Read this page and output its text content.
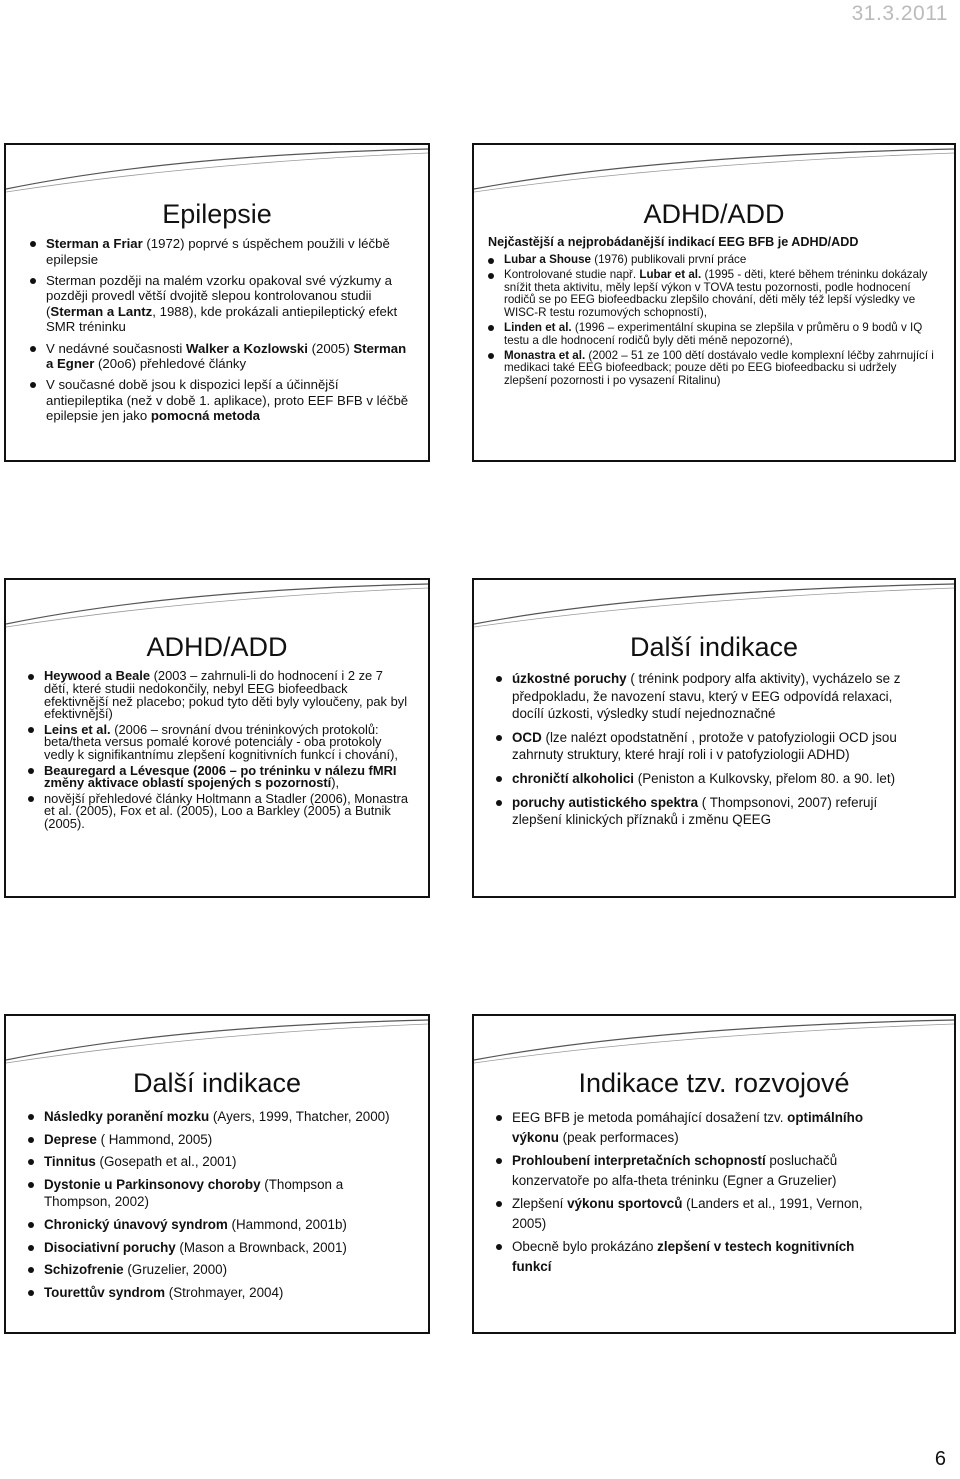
31.3.2011
Epilepsie
Sterman a Friar (1972) poprvé s úspěchem použili v léčbě epilepsie
Sterman později na malém vzorku opakoval své výzkumy a později provedl větší dvojitě slepou kontrolovanou studii (Sterman a Lantz, 1988), kde prokázali antiepileptický efekt SMR tréninku
V nedávné současnosti Walker a Kozlowski (2005) Sterman a Egner (20o6) přehledové články
V současné době jsou k dispozici lepší a účinnější antiepileptika (než v době 1. aplikace), proto EEF BFB v léčbě epilepsie jen jako pomocná metoda
ADHD/ADD
Nejčastější a nejprobádanější indikací EEG BFB je ADHD/ADD
Lubar a Shouse (1976) publikovali první práce
Kontrolované studie např. Lubar et al. (1995 - děti, které během tréninku dokázaly snížit theta aktivitu, měly lepší výkon v TOVA testu pozornosti, podle hodnocení rodičů se po EEG biofeedbacku zlepšilo chování, děti měly též lepší výsledky ve WISC-R testu rozumových schopností),
Linden et al. (1996 – experimentální skupina se zlepšila v průměru o 9 bodů v IQ testu a dle hodnocení rodičů byly děti méně nepozorné),
Monastra et al. (2002 – 51 ze 100 dětí dostávalo vedle komplexní léčby zahrnující i medikaci také EEG biofeedback; pouze děti po EEG biofeedbacku si udržely zlepšení pozornosti i po vysazení Ritalinu)
ADHD/ADD
Heywood a Beale (2003 – zahrnuli-li do hodnocení i 2 ze 7 dětí, které studii nedokončily, nebyl EEG biofeedback efektivnější než placebo; pokud tyto děti byly vyloučeny, pak byl efektivnější)
Leins et al. (2006 – srovnání dvou tréninkových protokolů: beta/theta versus pomalé korové potenciály - oba protokoly vedly k signifikantnímu zlepšení kognitivních funkcí i chování),
Beauregard a Lévesque (2006 – po tréninku v nálezu fMRI změny aktivace oblastí spojených s pozorností),
novější přehledové články Holtmann a Stadler (2006), Monastra et al. (2005), Fox et al. (2005), Loo a Barkley (2005) a Butnik (2005).
Další indikace
úzkostné poruchy ( trénink podpory alfa aktivity), vycházelo se z předpokladu, že navození stavu, který v EEG odpovídá relaxaci, docílí úzkosti, výsledky studí nejednoznačné
OCD (lze nalézt opodstatnění , protože v patofyziologii OCD jsou zahrnuty struktury, které hrají roli i v patofyziologii ADHD)
chroničtí alkoholici (Peniston a Kulkovsky, přelom 80. a 90. let)
poruchy autistického spektra ( Thompsonovi, 2007) referují zlepšení klinických příznaků i změnu QEEG
Další indikace
Následky poranění mozku (Ayers, 1999, Thatcher, 2000)
Deprese ( Hammond, 2005)
Tinnitus (Gosepath et al., 2001)
Dystonie u Parkinsonovy choroby (Thompson a Thompson, 2002)
Chronický únavový syndrom (Hammond, 2001b)
Disociativní poruchy (Mason a Brownback, 2001)
Schizofrenie (Gruzelier, 2000)
Tourettův syndrom (Strohmayer, 2004)
Indikace tzv. rozvojové
EEG BFB je metoda pomáhající dosažení tzv. optimálního výkonu (peak performaces)
Prohloubení interpretačních schopností posluchačů konzervatoře po alfa-theta tréninku (Egner a Gruzelier)
Zlepšení výkonu sportovců (Landers et al., 1991, Vernon, 2005)
Obecně bylo prokázáno zlepšení v testech kognitivních funkcí
6
